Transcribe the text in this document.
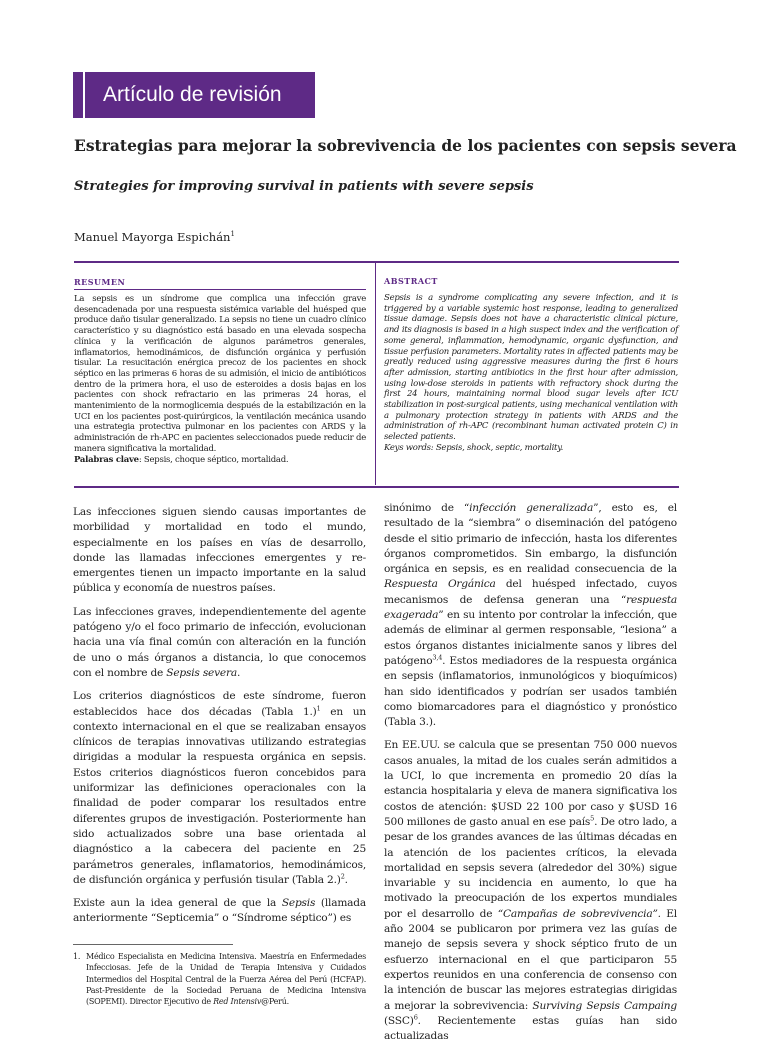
Artículo de revisión
Estrategias para mejorar la sobrevivencia de los pacientes con sepsis severa
Strategies for improving survival in patients with severe sepsis
Manuel Mayorga Espichán$^1$
RESUMEN
La sepsis es un síndrome que complica una infección grave desencadenada por una respuesta sistémica variable del huésped que produce daño tisular generalizado. La sepsis no tiene un cuadro clínico característico y su diagnóstico está basado en una elevada sospecha clínica y la verificación de algunos parámetros generales, inflamatorios, hemodinámicos, de disfunción orgánica y perfusión tisular. La resucitación enérgica precoz de los pacientes en shock séptico en las primeras 6 horas de su admisión, el inicio de antibióticos dentro de la primera hora, el uso de esteroides a dosis bajas en los pacientes con shock refractario en las primeras 24 horas, el mantenimiento de la normoglicemia después de la estabilización en la UCI en los pacientes post-quirúrgicos, la ventilación mecánica usando una estrategia protectiva pulmonar en los pacientes con ARDS y la administración de rh-APC en pacientes seleccionados puede reducir de manera significativa la mortalidad.
Palabras clave: Sepsis, choque séptico, mortalidad.
ABSTRACT
Sepsis is a syndrome complicating any severe infection, and it is triggered by a variable systemic host response, leading to generalized tissue damage. Sepsis does not have a characteristic clinical picture, and its diagnosis is based in a high suspect index and the verification of some general, inflammation, hemodynamic, organic dysfunction, and tissue perfusion parameters. Mortality rates in affected patients may be greatly reduced using aggressive measures during the first 6 hours after admission, starting antibiotics in the first hour after admission, using low-dose steroids in patients with refractory shock during the first 24 hours, maintaining normal blood sugar levels after ICU stabilization in post-surgical patients, using mechanical ventilation with a pulmonary protection strategy in patients with ARDS and the administration of rh-APC (recombinant human activated protein C) in selected patients.
Keys words: Sepsis, shock, septic, mortality.

Las infecciones siguen siendo causas importantes de morbilidad y mortalidad en todo el mundo, especialmente en los países en vías de desarrollo, donde las llamadas infecciones emergentes y re-emergentes tienen un impacto importante en la salud pública y economía de nuestros países.

Las infecciones graves, independientemente del agente patógeno y/o el foco primario de infección, evolucionan hacia una vía final común con alteración en la función de uno o más órganos a distancia, lo que conocemos con el nombre de Sepsis severa.

Los criterios diagnósticos de este síndrome, fueron establecidos hace dos décadas (Tabla 1.)$^1$ en un contexto internacional en el que se realizaban ensayos clínicos de terapias innovativas utilizando estrategias dirigidas a modular la respuesta orgánica en sepsis. Estos criterios diagnósticos fueron concebidos para uniformizar las definiciones operacionales con la finalidad de poder comparar los resultados entre diferentes grupos de investigación. Posteriormente han sido actualizados sobre una base orientada al diagnóstico a la cabecera del paciente en 25 parámetros generales, inflamatorios, hemodinámicos, de disfunción orgánica y perfusión tisular (Tabla 2.)$^2$.

Existe aun la idea general de que la Sepsis (llamada anteriormente “Septicemia” o “Síndrome séptico”) es

sinónimo de “infección generalizada”, esto es, el resultado de la “siembra” o diseminación del patógeno desde el sitio primario de infección, hasta los diferentes órganos comprometidos. Sin embargo, la disfunción orgánica en sepsis, es en realidad consecuencia de la Respuesta Orgánica del huésped infectado, cuyos mecanismos de defensa generan una “respuesta exagerada” en su intento por controlar la infección, que además de eliminar al germen responsable, “lesiona” a estos órganos distantes inicialmente sanos y libres del patógeno$^{3,4}$. Estos mediadores de la respuesta orgánica en sepsis (inflamatorios, inmunológicos y bioquímicos) han sido identificados y podrían ser usados también como biomarcadores para el diagnóstico y pronóstico (Tabla 3.).

En EE.UU. se calcula que se presentan 750 000 nuevos casos anuales, la mitad de los cuales serán admitidos a la UCI, lo que incrementa en promedio 20 días la estancia hospitalaria y eleva de manera significativa los costos de atención: $USD 22 100 por caso y $USD 16 500 millones de gasto anual en ese país$^5$. De otro lado, a pesar de los grandes avances de las últimas décadas en la atención de los pacientes críticos, la elevada mortalidad en sepsis severa (alrededor del 30%) sigue invariable y su incidencia en aumento, lo que ha motivado la preocupación de los expertos mundiales por el desarrollo de “Campañas de sobrevivencia”. El año 2004 se publicaron por primera vez las guías de manejo de sepsis severa y shock séptico fruto de un esfuerzo internacional en el que participaron 55 expertos reunidos en una conferencia de consenso con la intención de buscar las mejores estrategias dirigidas a mejorar la sobrevivencia: Surviving Sepsis Campaing (SSC)$^6$. Recientemente estas guías han sido actualizadas

1. Médico Especialista en Medicina Intensiva. Maestría en Enfermedades Infecciosas. Jefe de la Unidad de Terapia Intensiva y Cuidados Intermedios del Hospital Central de la Fuerza Aérea del Perú (HCFAP). Past-Presidente de la Sociedad Peruana de Medicina Intensiva (SOPEMI). Director Ejecutivo de Red Intensiv@Perú.
